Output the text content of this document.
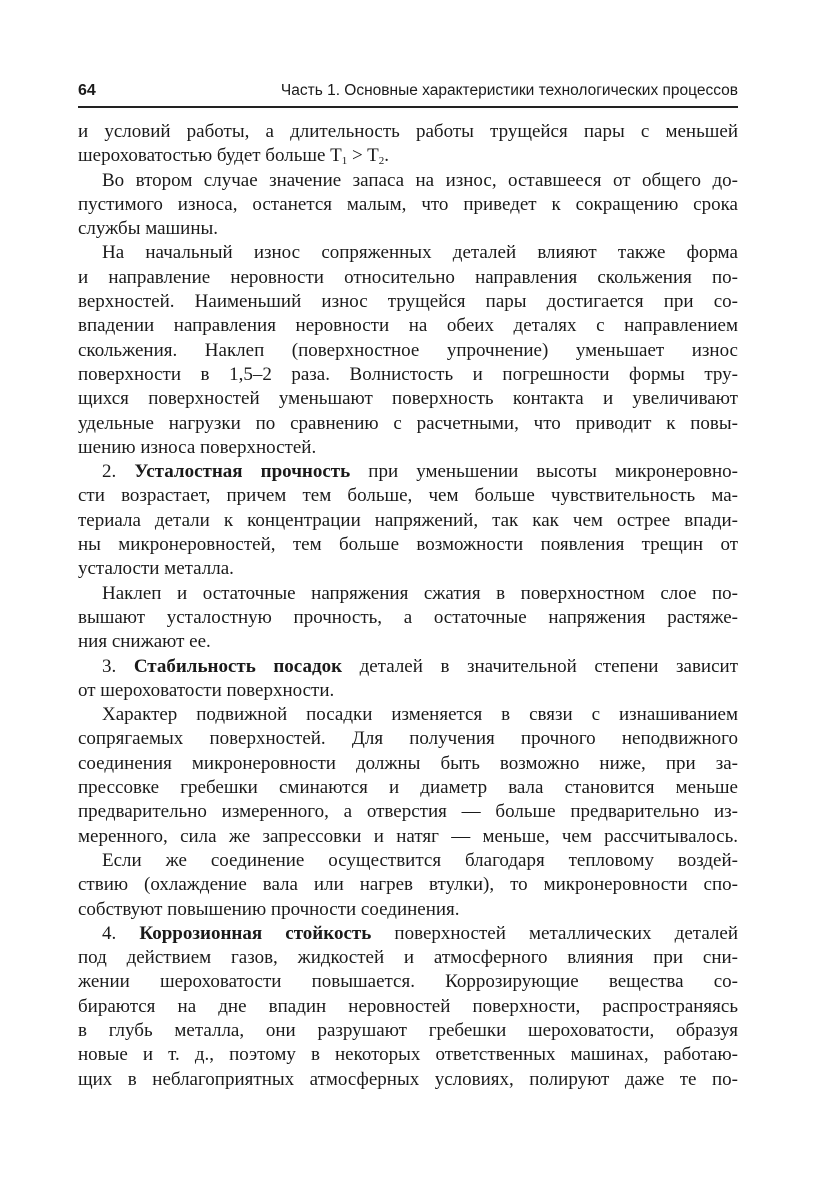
64	Часть 1. Основные характеристики технологических процессов
и условий работы, а длительность работы трущейся пары с меньшей
шероховатостью будет больше $T_1 > T_2$.
Во втором случае значение запаса на износ, оставшееся от общего до-
пустимого износа, останется малым, что приведет к сокращению срока
службы машины.
На начальный износ сопряженных деталей влияют также форма
и направление неровности относительно направления скольжения по-
верхностей. Наименьший износ трущейся пары достигается при со-
впадении направления неровности на обеих деталях с направлением
скольжения. Наклеп (поверхностное упрочнение) уменьшает износ
поверхности в 1,5–2 раза. Волнистость и погрешности формы тру-
щихся поверхностей уменьшают поверхность контакта и увеличивают
удельные нагрузки по сравнению с расчетными, что приводит к повы-
шению износа поверхностей.
2. Усталостная прочность при уменьшении высоты микронеровно-
сти возрастает, причем тем больше, чем больше чувствительность ма-
териала детали к концентрации напряжений, так как чем острее впади-
ны микронеровностей, тем больше возможности появления трещин от
усталости металла.
Наклеп и остаточные напряжения сжатия в поверхностном слое по-
вышают усталостную прочность, а остаточные напряжения растяже-
ния снижают ее.
3. Стабильность посадок деталей в значительной степени зависит
от шероховатости поверхности.
Характер подвижной посадки изменяется в связи с изнашиванием
сопрягаемых поверхностей. Для получения прочного неподвижного
соединения микронеровности должны быть возможно ниже, при за-
прессовке гребешки сминаются и диаметр вала становится меньше
предварительно измеренного, а отверстия — больше предварительно из-
меренного, сила же запрессовки и натяг — меньше, чем рассчитывалось.
Если же соединение осуществится благодаря тепловому воздей-
ствию (охлаждение вала или нагрев втулки), то микронеровности спо-
собствуют повышению прочности соединения.
4. Коррозионная стойкость поверхностей металлических деталей
под действием газов, жидкостей и атмосферного влияния при сни-
жении шероховатости повышается. Коррозирующие вещества со-
бираются на дне впадин неровностей поверхности, распространяясь
в глубь металла, они разрушают гребешки шероховатости, образуя
новые и т. д., поэтому в некоторых ответственных машинах, работаю-
щих в неблагоприятных атмосферных условиях, полируют даже те по-
